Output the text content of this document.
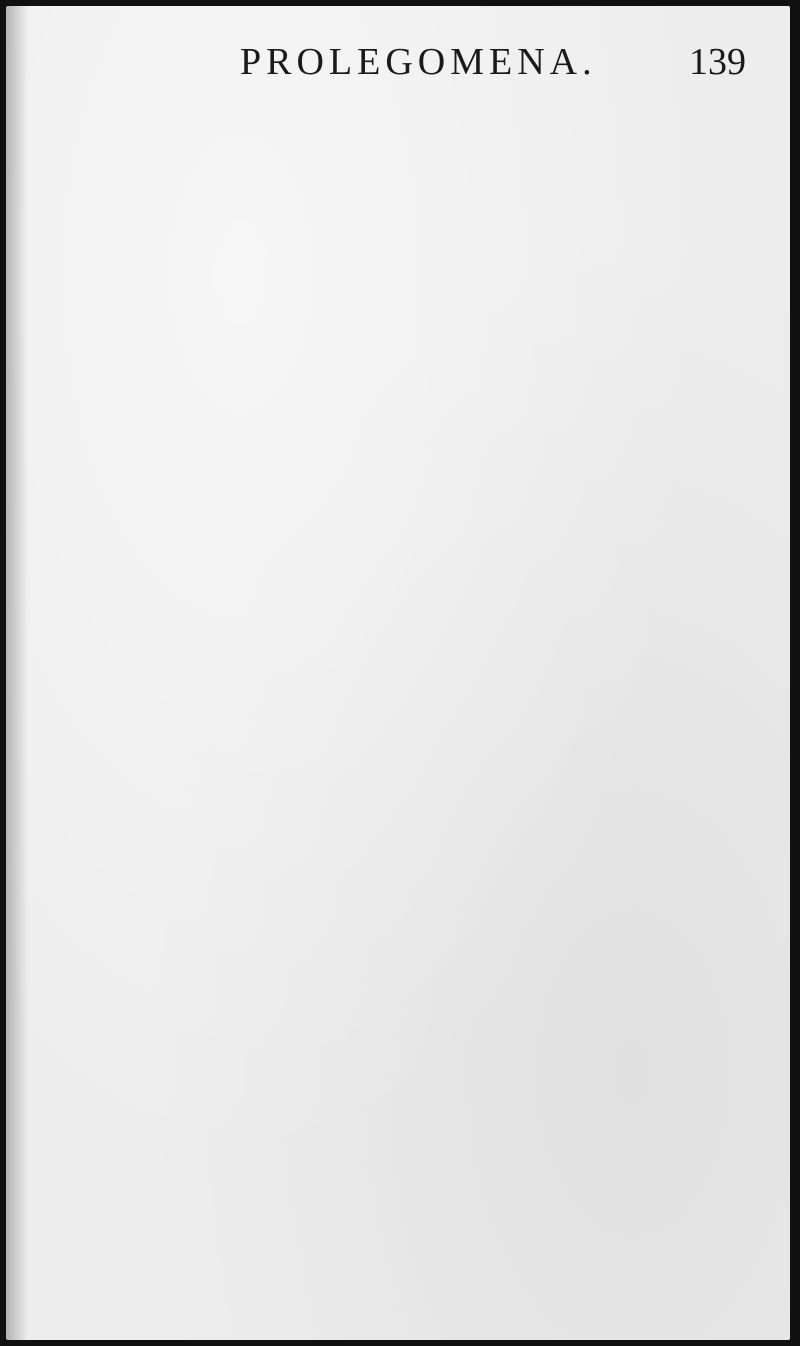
PROLEGOMENA. 139
